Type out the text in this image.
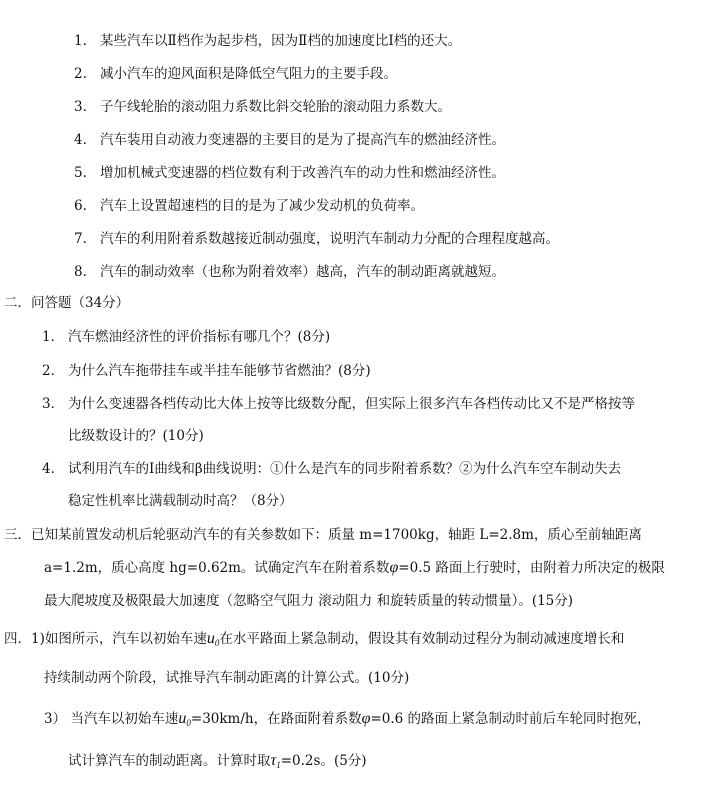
1. 某些汽车以Ⅱ档作为起步档，因为Ⅱ档的加速度比Ⅰ档的还大。
2. 减小汽车的迎风面积是降低空气阻力的主要手段。
3. 子午线轮胎的滚动阻力系数比斜交轮胎的滚动阻力系数大。
4. 汽车装用自动液力变速器的主要目的是为了提高汽车的燃油经济性。
5. 增加机械式变速器的档位数有利于改善汽车的动力性和燃油经济性。
6. 汽车上设置超速档的目的是为了减少发动机的负荷率。
7. 汽车的利用附着系数越接近制动强度，说明汽车制动力分配的合理程度越高。
8. 汽车的制动效率（也称为附着效率）越高，汽车的制动距离就越短。
二．问答题（34分）
1． 汽车燃油经济性的评价指标有哪几个？(8分)
2． 为什么汽车拖带挂车或半挂车能够节省燃油？(8分)
3． 为什么变速器各档传动比大体上按等比级数分配，但实际上很多汽车各档传动比又不是严格按等
比级数设计的？(10分)
4． 试利用汽车的Ⅰ曲线和β曲线说明：①什么是汽车的同步附着系数？②为什么汽车空车制动失去
稳定性机率比满载制动时高？（8分）
三．已知某前置发动机后轮驱动汽车的有关参数如下：质量 m=1700kg，轴距 L=2.8m，质心至前轴距离
a=1.2m，质心高度 hg=0.62m。试确定汽车在附着系数φ=0.5 路面上行驶时，由附着力所决定的极限
最大爬坡度及极限最大加速度（忽略空气阻力 滚动阻力 和旋转质量的转动惯量）。(15分)
四．1)如图所示，汽车以初始车速$u_0$在水平路面上紧急制动，假设其有效制动过程分为制动减速度增长和
持续制动两个阶段，试推导汽车制动距离的计算公式。(10分)
3） 当汽车以初始车速$u_0=30km/h$，在路面附着系数φ=0.6 的路面上紧急制动时前后车轮同时抱死，
试计算汽车的制动距离。计算时取$\tau_1=0.2s$。(5分)
